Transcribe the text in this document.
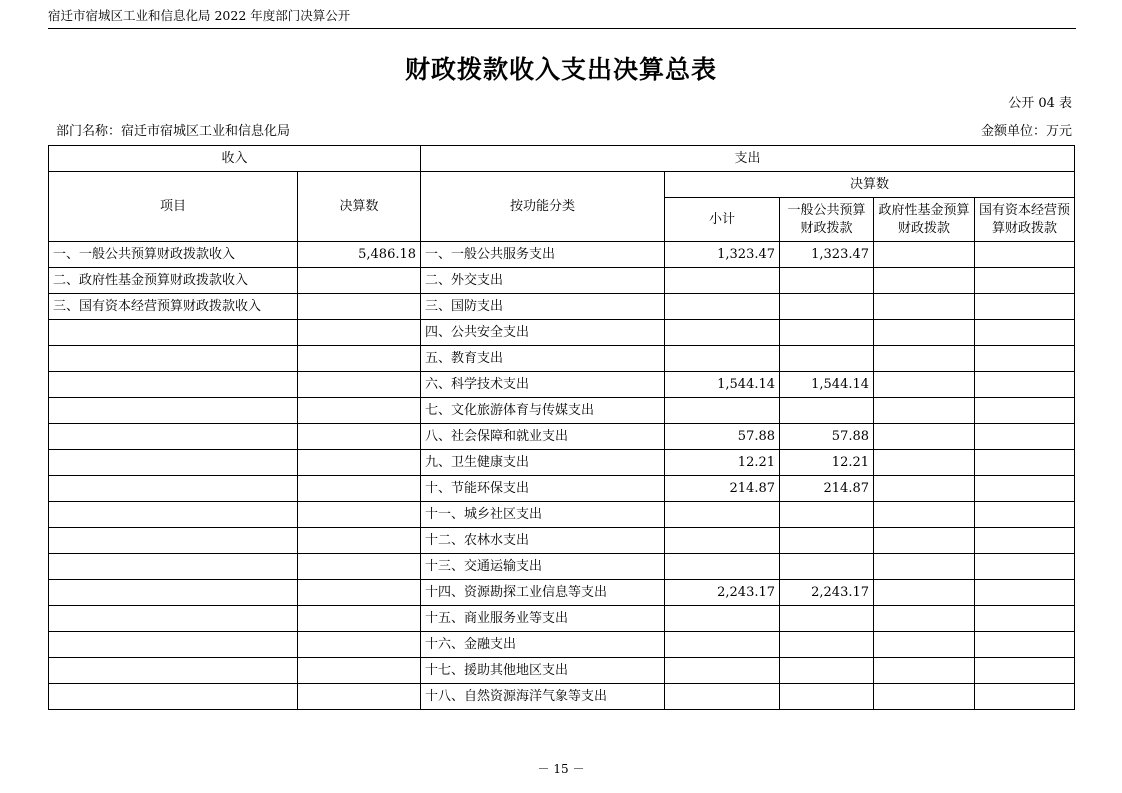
宿迁市宿城区工业和信息化局 2022 年度部门决算公开
财政拨款收入支出决算总表
公开 04 表
部门名称：宿迁市宿城区工业和信息化局	金额单位：万元
收入		支出				
项目	决算数	按功能分类	决算数			
			小计	一般公共预算财政拨款	政府性基金预算财政拨款	国有资本经营预算财政拨款
一、一般公共预算财政拨款收入	5,486.18	一、一般公共服务支出	1,323.47	1,323.47		
二、政府性基金预算财政拨款收入		二、外交支出				
三、国有资本经营预算财政拨款收入		三、国防支出				
		四、公共安全支出				
		五、教育支出				
		六、科学技术支出	1,544.14	1,544.14		
		七、文化旅游体育与传媒支出				
		八、社会保障和就业支出	57.88	57.88		
		九、卫生健康支出	12.21	12.21		
		十、节能环保支出	214.87	214.87		
		十一、城乡社区支出				
		十二、农林水支出				
		十三、交通运输支出				
		十四、资源勘探工业信息等支出	2,243.17	2,243.17		
		十五、商业服务业等支出				
		十六、金融支出				
		十七、援助其他地区支出				
		十八、自然资源海洋气象等支出				
－ 15 －
